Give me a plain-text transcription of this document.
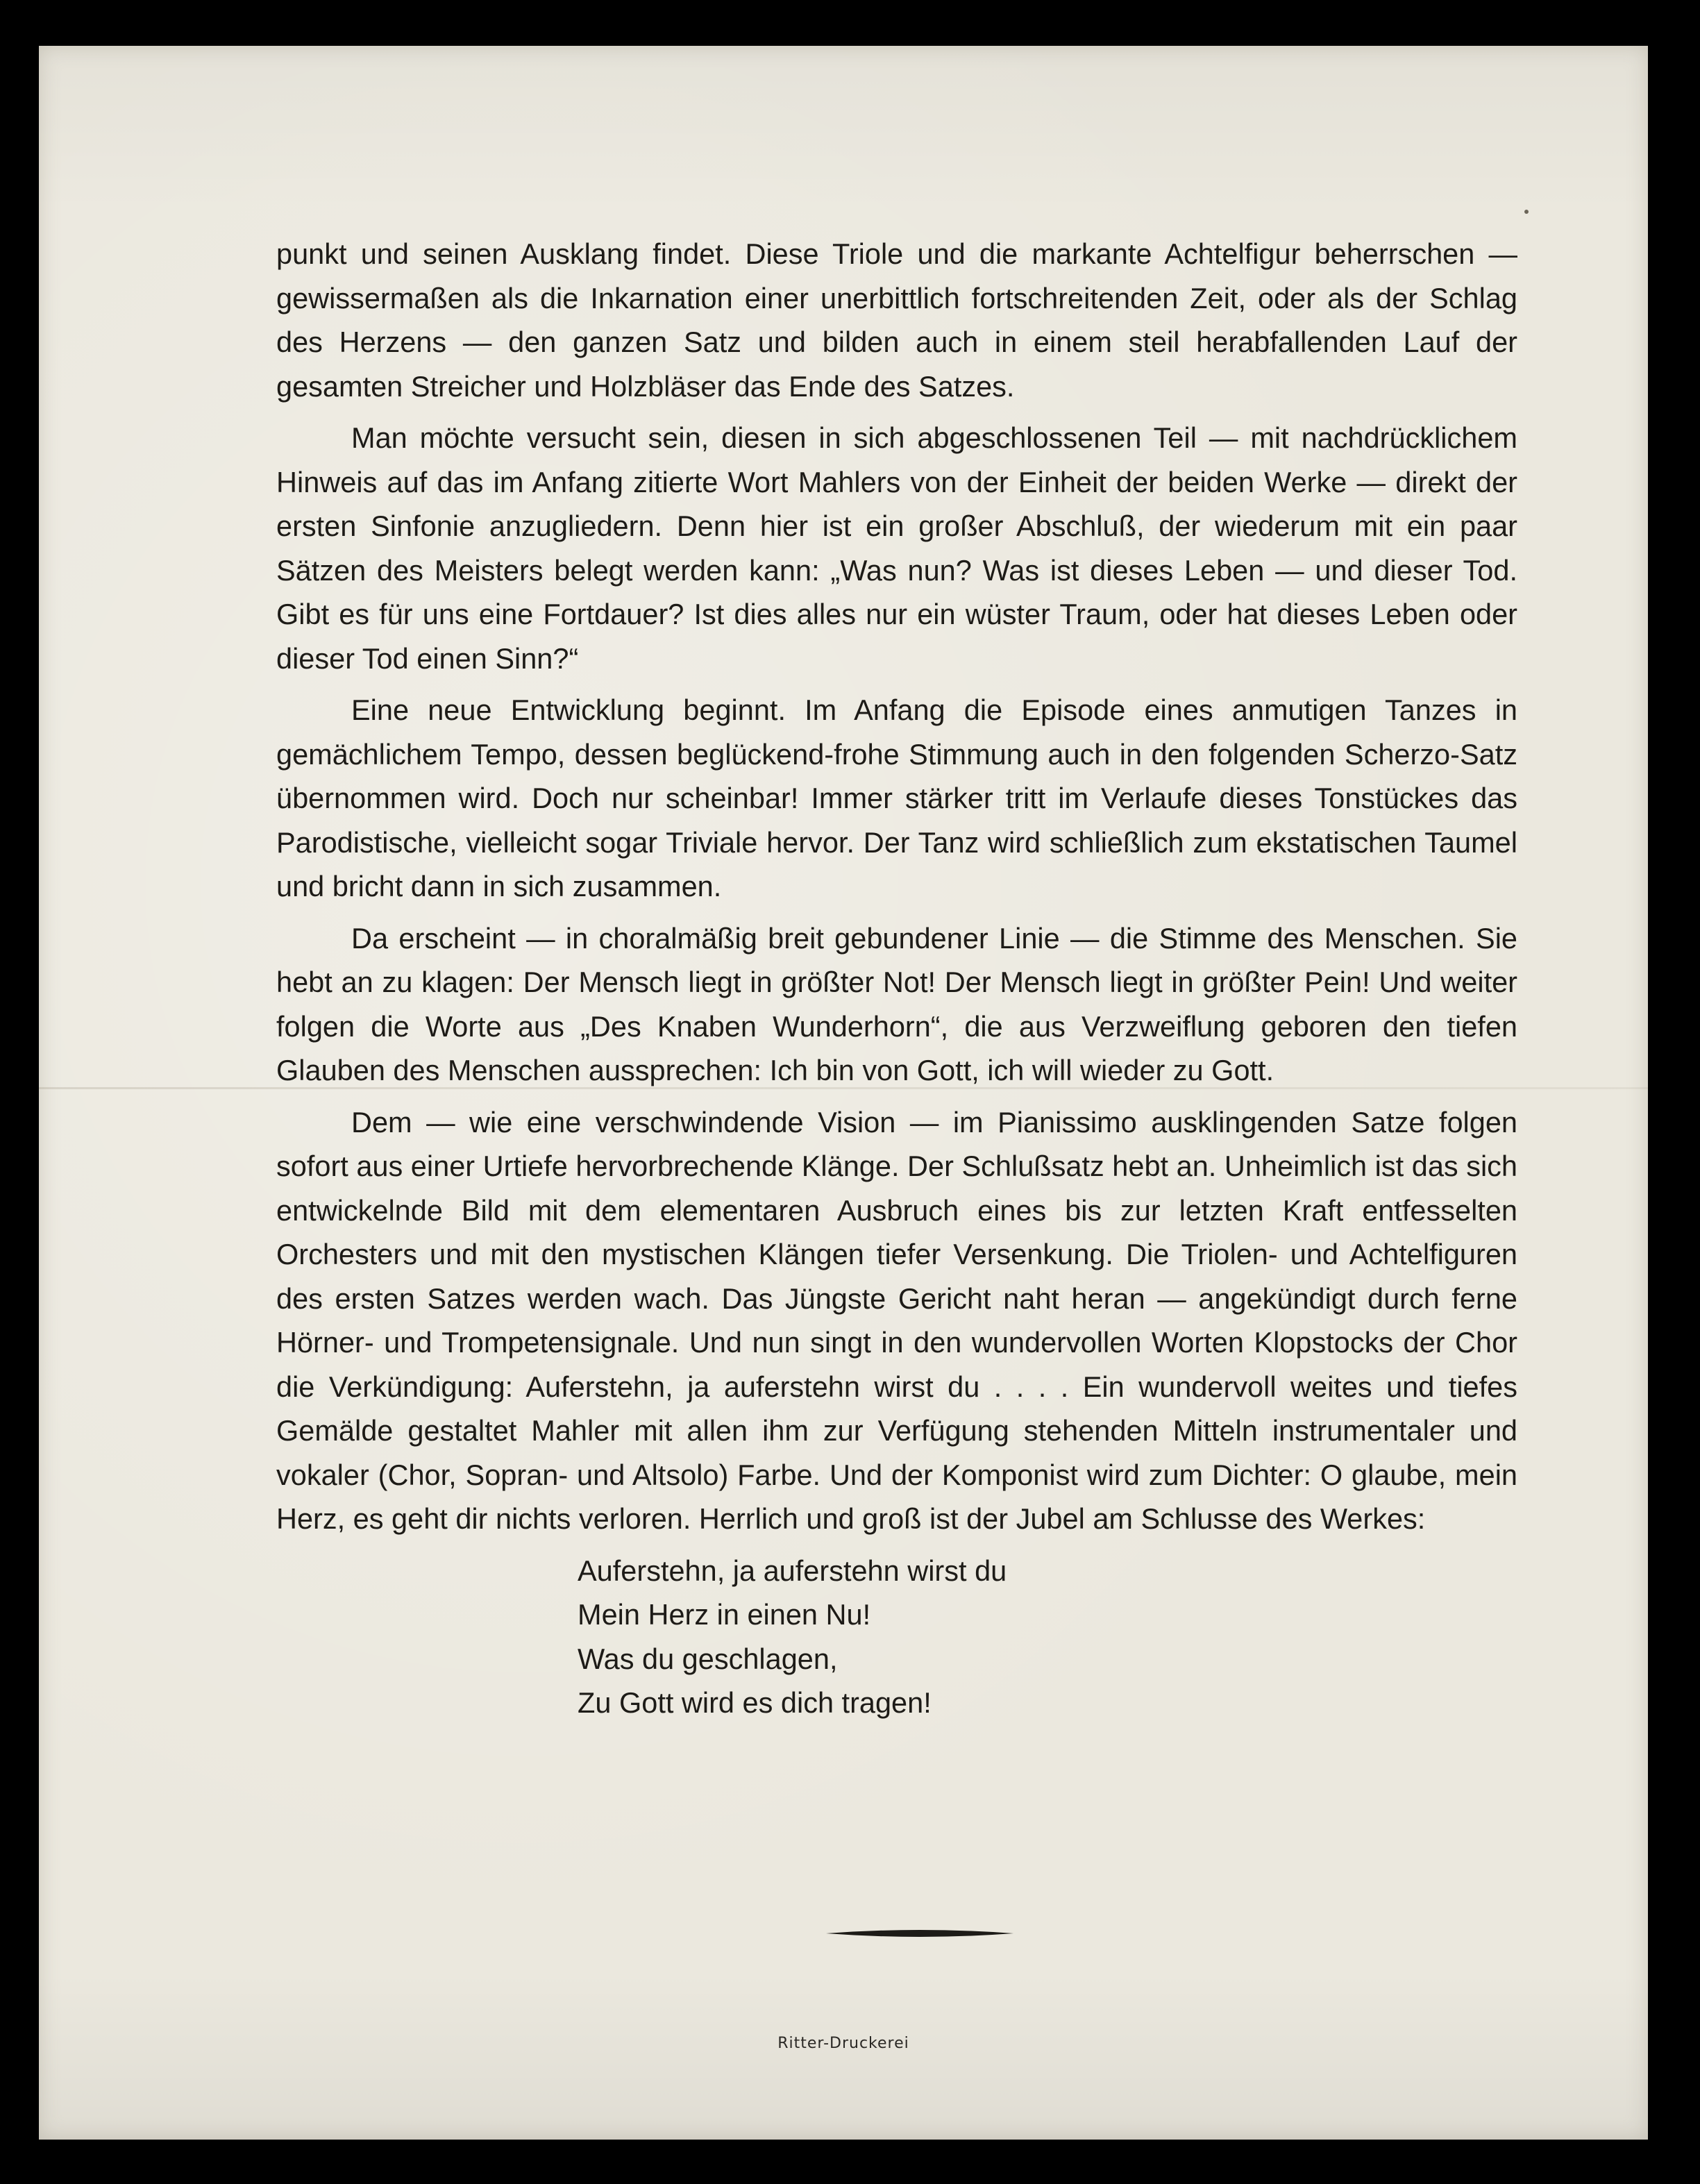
punkt und seinen Ausklang findet. Diese Triole und die markante Achtelfigur beherrschen — gewissermaßen als die Inkarnation einer unerbittlich fortschreitenden Zeit, oder als der Schlag des Herzens — den ganzen Satz und bilden auch in einem steil herabfallenden Lauf der gesamten Streicher und Holzbläser das Ende des Satzes.

Man möchte versucht sein, diesen in sich abgeschlossenen Teil — mit nachdrücklichem Hinweis auf das im Anfang zitierte Wort Mahlers von der Einheit der beiden Werke — direkt der ersten Sinfonie anzugliedern. Denn hier ist ein großer Abschluß, der wiederum mit ein paar Sätzen des Meisters belegt werden kann: „Was nun? Was ist dieses Leben — und dieser Tod. Gibt es für uns eine Fortdauer? Ist dies alles nur ein wüster Traum, oder hat dieses Leben oder dieser Tod einen Sinn?“

Eine neue Entwicklung beginnt. Im Anfang die Episode eines anmutigen Tanzes in gemächlichem Tempo, dessen beglückend-frohe Stimmung auch in den folgenden Scherzo-Satz übernommen wird. Doch nur scheinbar! Immer stärker tritt im Verlaufe dieses Tonstückes das Parodistische, vielleicht sogar Triviale hervor. Der Tanz wird schließlich zum ekstatischen Taumel und bricht dann in sich zusammen.

Da erscheint — in choralmäßig breit gebundener Linie — die Stimme des Menschen. Sie hebt an zu klagen: Der Mensch liegt in größter Not! Der Mensch liegt in größter Pein! Und weiter folgen die Worte aus „Des Knaben Wunderhorn“, die aus Verzweiflung geboren den tiefen Glauben des Menschen aussprechen: Ich bin von Gott, ich will wieder zu Gott.

Dem — wie eine verschwindende Vision — im Pianissimo ausklingenden Satze folgen sofort aus einer Urtiefe hervorbrechende Klänge. Der Schlußsatz hebt an. Unheimlich ist das sich entwickelnde Bild mit dem elementaren Ausbruch eines bis zur letzten Kraft entfesselten Orchesters und mit den mystischen Klängen tiefer Versenkung. Die Triolen- und Achtelfiguren des ersten Satzes werden wach. Das Jüngste Gericht naht heran — angekündigt durch ferne Hörner- und Trompetensignale. Und nun singt in den wundervollen Worten Klopstocks der Chor die Verkündigung: Auferstehn, ja auferstehn wirst du . . . . Ein wundervoll weites und tiefes Gemälde gestaltet Mahler mit allen ihm zur Verfügung stehenden Mitteln instrumentaler und vokaler (Chor, Sopran- und Altsolo) Farbe. Und der Komponist wird zum Dichter: O glaube, mein Herz, es geht dir nichts verloren. Herrlich und groß ist der Jubel am Schlusse des Werkes:

Auferstehn, ja auferstehn wirst du
Mein Herz in einen Nu!
Was du geschlagen,
Zu Gott wird es dich tragen!
Ritter-Druckerei
